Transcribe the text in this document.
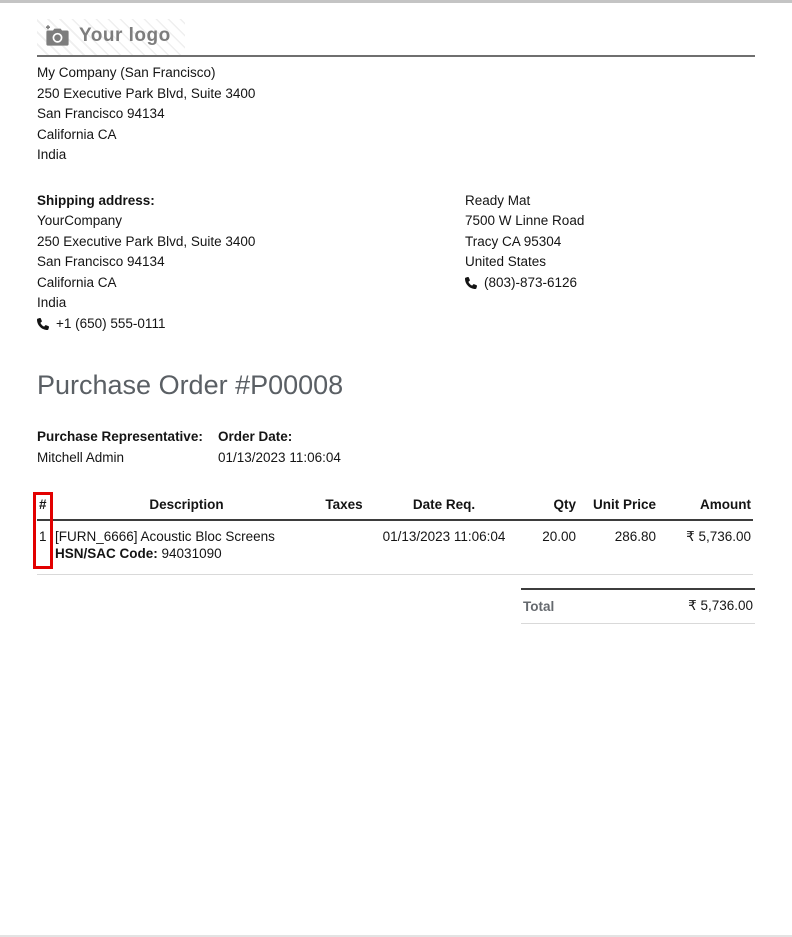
Your logo
My Company (San Francisco)
250 Executive Park Blvd, Suite 3400
San Francisco 94134
California CA
India
Shipping address:
YourCompany
250 Executive Park Blvd, Suite 3400
San Francisco 94134
California CA
India
+1 (650) 555-0111
Ready Mat
7500 W Linne Road
Tracy CA 95304
United States
(803)-873-6126
Purchase Order #P00008
Purchase Representative:
Mitchell Admin
Order Date:
01/13/2023 11:06:04
#	Description	Taxes	Date Req.	Qty	Unit Price	Amount
1	[FURN_6666] Acoustic Bloc Screens
HSN/SAC Code: 94031090		01/13/2023 11:06:04	20.00	286.80	₹ 5,736.00
Total	₹ 5,736.00
